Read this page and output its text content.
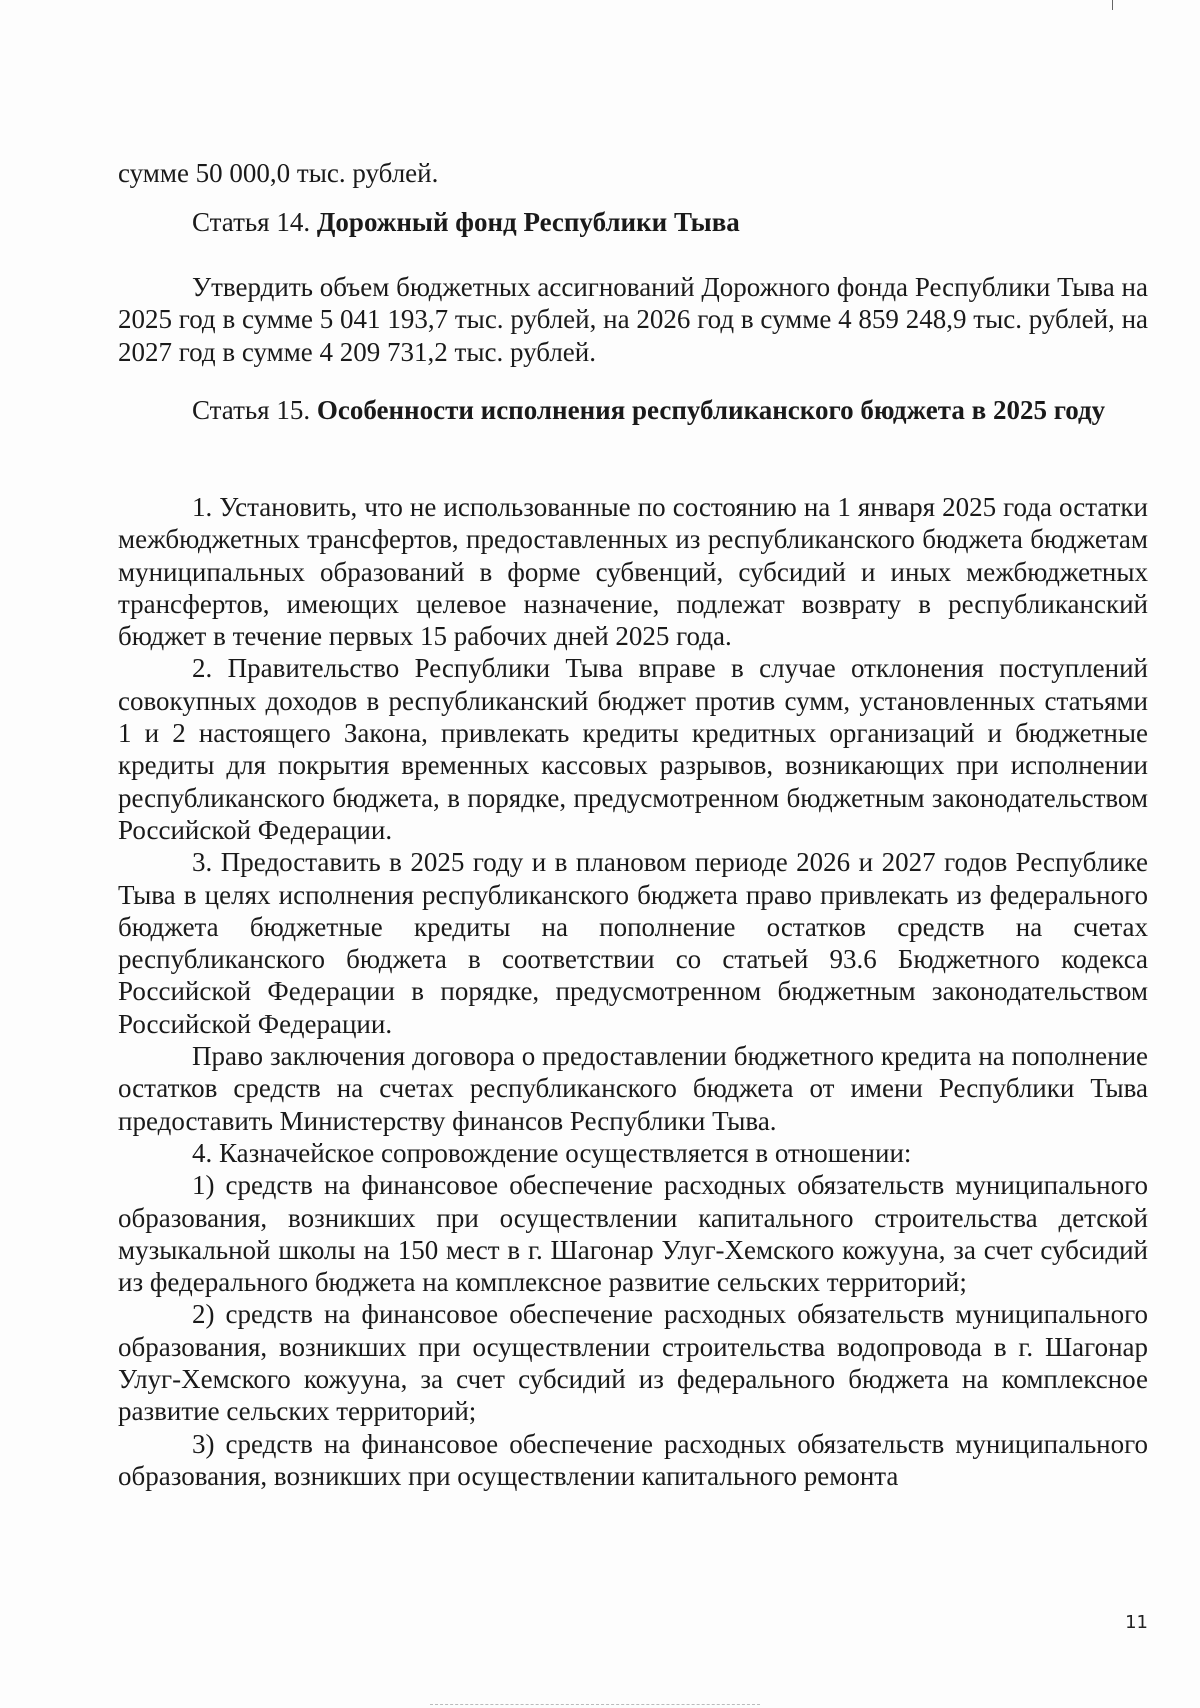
сумме 50 000,0 тыс. рублей.

Статья 14. Дорожный фонд Республики Тыва

Утвердить объем бюджетных ассигнований Дорожного фонда Республики Тыва на 2025 год в сумме 5 041 193,7 тыс. рублей, на 2026 год в сумме 4 859 248,9 тыс. рублей, на 2027 год в сумме 4 209 731,2 тыс. рублей.

Статья 15. Особенности исполнения республиканского бюджета в 2025 году

1. Установить, что не использованные по состоянию на 1 января 2025 года остатки межбюджетных трансфертов, предоставленных из республиканского бюджета бюджетам муниципальных образований в форме субвенций, субсидий и иных межбюджетных трансфертов, имеющих целевое назначение, подлежат возврату в республиканский бюджет в течение первых 15 рабочих дней 2025 года.

2. Правительство Республики Тыва вправе в случае отклонения поступлений совокупных доходов в республиканский бюджет против сумм, установленных статьями 1 и 2 настоящего Закона, привлекать кредиты кредитных организаций и бюджетные кредиты для покрытия временных кассовых разрывов, возникающих при исполнении республиканского бюджета, в порядке, предусмотренном бюджетным законодательством Российской Федерации.

3. Предоставить в 2025 году и в плановом периоде 2026 и 2027 годов Республике Тыва в целях исполнения республиканского бюджета право привлекать из федерального бюджета бюджетные кредиты на пополнение остатков средств на счетах республиканского бюджета в соответствии со статьей 93.6 Бюджетного кодекса Российской Федерации в порядке, предусмотренном бюджетным законодательством Российской Федерации.

Право заключения договора о предоставлении бюджетного кредита на пополнение остатков средств на счетах республиканского бюджета от имени Республики Тыва предоставить Министерству финансов Республики Тыва.

4. Казначейское сопровождение осуществляется в отношении:

1) средств на финансовое обеспечение расходных обязательств муниципального образования, возникших при осуществлении капитального строительства детской музыкальной школы на 150 мест в г. Шагонар Улуг-Хемского кожууна, за счет субсидий из федерального бюджета на комплексное развитие сельских территорий;

2) средств на финансовое обеспечение расходных обязательств муниципального образования, возникших при осуществлении строительства водопровода в г. Шагонар Улуг-Хемского кожууна, за счет субсидий из федерального бюджета на комплексное развитие сельских территорий;

3) средств на финансовое обеспечение расходных обязательств муниципального образования, возникших при осуществлении капитального ремонта

11
